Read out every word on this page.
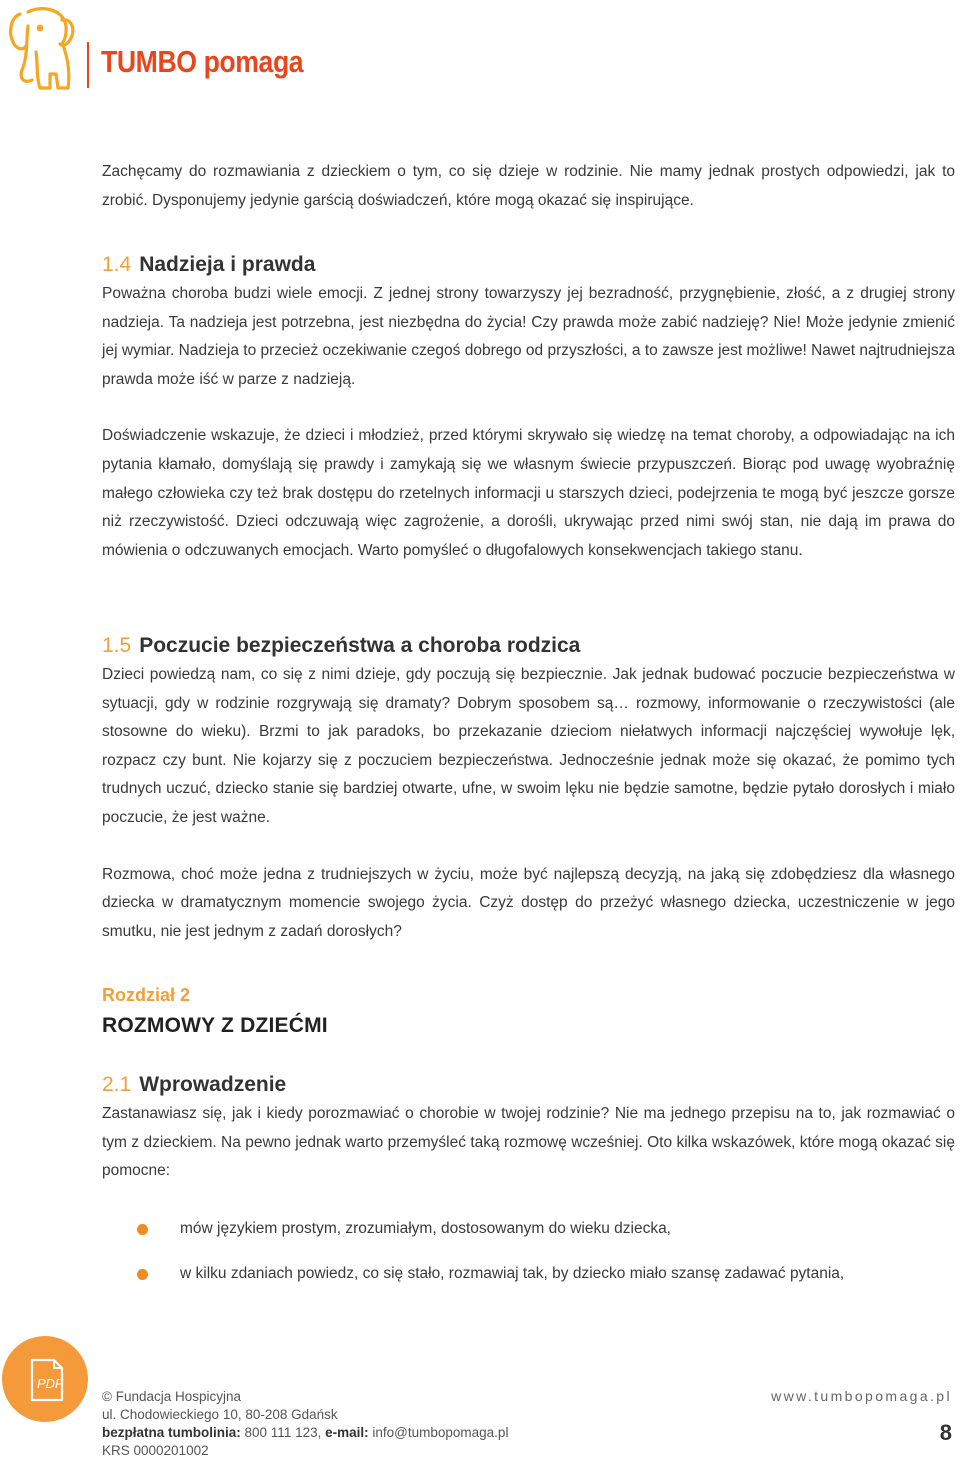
TUMBO pomaga

Zachęcamy do rozmawiania z dzieckiem o tym, co się dzieje w rodzinie. Nie mamy jednak prostych odpowiedzi, jak to zrobić. Dysponujemy jedynie garścią doświadczeń, które mogą okazać się inspirujące.

1.4 Nadzieja i prawda

Poważna choroba budzi wiele emocji. Z jednej strony towarzyszy jej bezradność, przygnębienie, złość, a z drugiej strony nadzieja. Ta nadzieja jest potrzebna, jest niezbędna do życia! Czy prawda może zabić nadzieję? Nie! Może jedynie zmienić jej wymiar. Nadzieja to przecież oczekiwanie czegoś dobrego od przyszłości, a to zawsze jest możliwe! Nawet najtrudniejsza prawda może iść w parze z nadzieją.

Doświadczenie wskazuje, że dzieci i młodzież, przed którymi skrywało się wiedzę na temat choroby, a odpowiadając na ich pytania kłamało, domyślają się prawdy i zamykają się we własnym świecie przypuszczeń. Biorąc pod uwagę wyobraźnię małego człowieka czy też brak dostępu do rzetelnych informacji u starszych dzieci, podejrzenia te mogą być jeszcze gorsze niż rzeczywistość. Dzieci odczuwają więc zagrożenie, a dorośli, ukrywając przed nimi swój stan, nie dają im prawa do mówienia o odczuwanych emocjach. Warto pomyśleć o długofalowych konsekwencjach takiego stanu.

1.5 Poczucie bezpieczeństwa a choroba rodzica

Dzieci powiedzą nam, co się z nimi dzieje, gdy poczują się bezpiecznie. Jak jednak budować poczucie bezpieczeństwa w sytuacji, gdy w rodzinie rozgrywają się dramaty? Dobrym sposobem są… rozmowy, informowanie o rzeczywistości (ale stosowne do wieku). Brzmi to jak paradoks, bo przekazanie dzieciom niełatwych informacji najczęściej wywołuje lęk, rozpacz czy bunt. Nie kojarzy się z poczuciem bezpieczeństwa. Jednocześnie jednak może się okazać, że pomimo tych trudnych uczuć, dziecko stanie się bardziej otwarte, ufne, w swoim lęku nie będzie samotne, będzie pytało dorosłych i miało poczucie, że jest ważne.

Rozmowa, choć może jedna z trudniejszych w życiu, może być najlepszą decyzją, na jaką się zdobędziesz dla własnego dziecka w dramatycznym momencie swojego życia. Czyż dostęp do przeżyć własnego dziecka, uczestniczenie w jego smutku, nie jest jednym z zadań dorosłych?

Rozdział 2
ROZMOWY Z DZIEĆMI
2.1 Wprowadzenie

Zastanawiasz się, jak i kiedy porozmawiać o chorobie w twojej rodzinie? Nie ma jednego przepisu na to, jak rozmawiać o tym z dzieckiem. Na pewno jednak warto przemyśleć taką rozmowę wcześniej. Oto kilka wskazówek, które mogą okazać się pomocne:

mów językiem prostym, zrozumiałym, dostosowanym do wieku dziecka,
w kilku zdaniach powiedz, co się stało, rozmawiaj tak, by dziecko miało szansę zadawać pytania,
PDF
© Fundacja Hospicyjna
ul. Chodowieckiego 10, 80-208 Gdańsk
bezpłatna tumbolinia: 800 111 123, e-mail: info@tumbopomaga.pl
KRS 0000201002
www.tumbopomaga.pl
8
